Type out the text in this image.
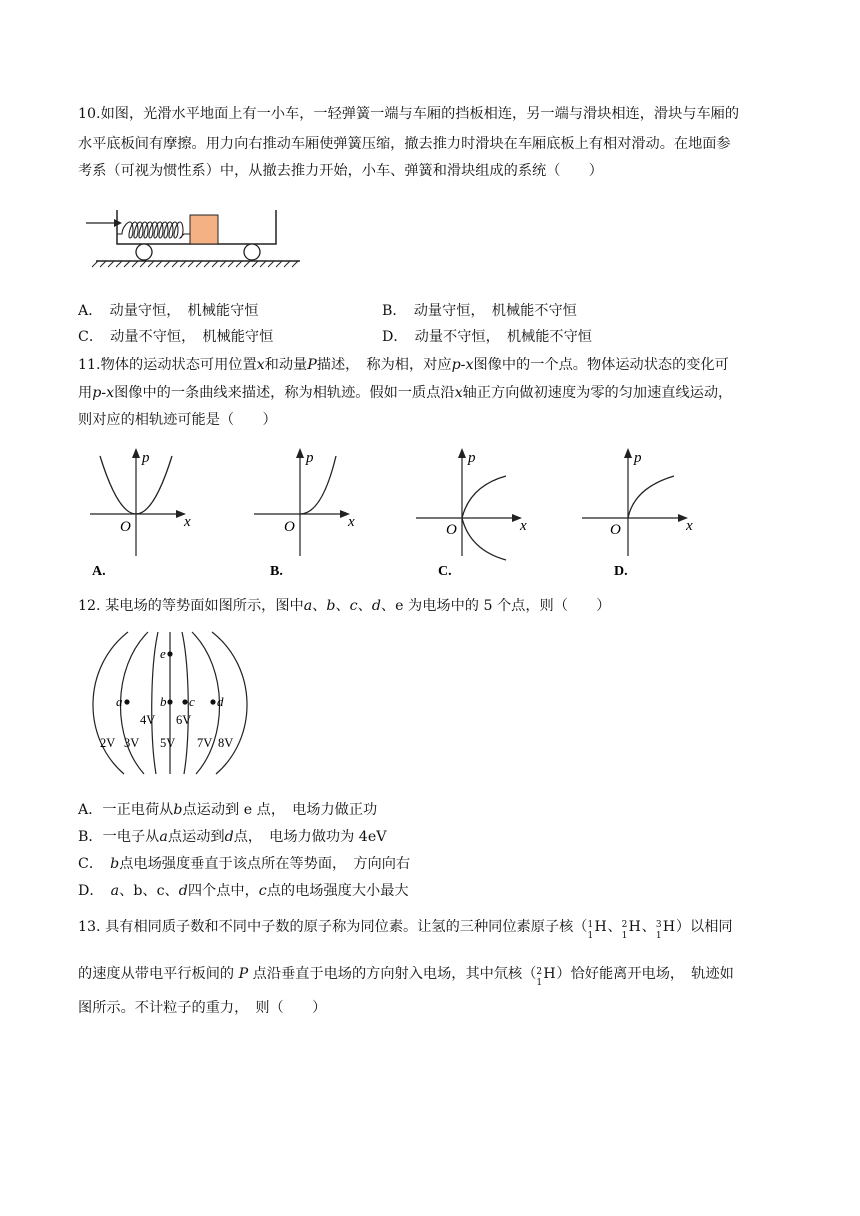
10.如图，光滑水平地面上有一小车，一轻弹簧一端与车厢的挡板相连，另一端与滑块相连，滑块与车厢的
水平底板间有摩擦。用力向右推动车厢使弹簧压缩，撤去推力时滑块在车厢底板上有相对滑动。在地面参
考系（可视为惯性系）中，从撤去推力开始，小车、弹簧和滑块组成的系统（　　）
A．　动量守恒，　机械能守恒	B．　动量守恒，　机械能不守恒
C．　动量不守恒，　机械能守恒	D．　动量不守恒，　机械能不守恒
11.物体的运动状态可用位置x和动量P描述，　称为相，对应p-x图像中的一个点。物体运动状态的变化可
用p-x图像中的一条曲线来描述，称为相轨迹。假如一质点沿x轴正方向做初速度为零的匀加速直线运动，
则对应的相轨迹可能是（　　）
p
x
O
A.
p
x
O
B.
p
x
O
C.
p
x
O
D.
12. 某电场的等势面如图所示，图中a、b、c、d、e 为电场中的 5 个点，则（　　）
a	b c d
e
4V 6V
2V 3V 5V 7V 8V
A．一正电荷从b点运动到 e 点，　电场力做正功
B．一电子从a点运动到d点，　电场力做功为 4eV
C．　b点电场强度垂直于该点所在等势面，　方向向右
D．　a、b、c、d四个点中，c点的电场强度大小最大
13. 具有相同质子数和不同中子数的原子称为同位素。让氢的三种同位素原子核（ 1
1
H 、 2
1
H 、 3
1
H ）以相同
的速度从带电平行板间的 P 点沿垂直于电场的方向射入电场，其中氘核（ 2
1
H ）恰好能离开电场，　轨迹如
图所示。不计粒子的重力，　则（　　）
